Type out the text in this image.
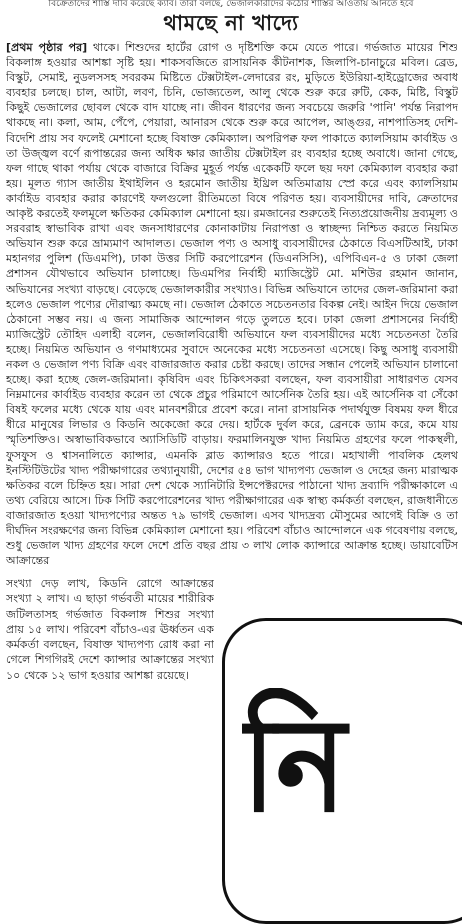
বিক্রেতাদের শাস্তি দাবি করেছে ক্যাব। তারা বলছে, ভেজালকারীদের কঠোর শাস্তির আওতায় আনতে হবে
থামছে না খাদ্যে

[প্রথম পৃষ্ঠার পর] থাকে। শিশুদের হার্টের রোগ ও দৃষ্টিশক্তি কমে যেতে পারে। গর্ভজাত মায়ের শিশু বিকলাঙ্গ হওয়ার আশঙ্কা সৃষ্টি হয়। শাকসবজিতে রাসায়নিক কীটনাশক, জিলাপি-চানাচুরে মবিল। ব্রেড, বিস্কুট, সেমাই, নুডলসসহ সবরকম মিষ্টিতে টেক্সটাইল-লেদারের রং, মুড়িতে ইউরিয়া-হাইড্রোজের অবাধ ব্যবহার চলছে। চাল, আটা, লবণ, চিনি, ভোজ্যতেল, আলু থেকে শুরু করে রুটি, কেক, মিষ্টি, বিস্কুট কিছুই ভেজালের ছোবল থেকে বাদ যাচ্ছে না। জীবন ধারণের জন্য সবচেয়ে জরুরি 'পানি' পর্যন্ত নিরাপদ থাকছে না। কলা, আম, পেঁপে, পেয়ারা, আনারস থেকে শুরু করে আপেল, আঙ্গুর, নাশপাতিসহ দেশি-বিদেশি প্রায় সব ফলেই মেশানো হচ্ছে বিষাক্ত কেমিক্যাল। অপরিপক্ব ফল পাকাতে ক্যালসিয়াম কার্বাইড ও তা উজ্জ্বল বর্ণে রূপান্তরের জন্য অধিক ক্ষার জাতীয় টেক্সটাইল রং ব্যবহার হচ্ছে অবাধে। জানা গেছে, ফল গাছে থাকা পর্যায় থেকে বাজারে বিক্রির মুহূর্ত পর্যন্ত একেকটি ফলে ছয় দফা কেমিক্যাল ব্যবহার করা হয়। মূলত গ্যাস জাতীয় ইথাইলিন ও হরমোন জাতীয় ইথ্রিল অতিমাত্রায় স্প্রে করে এবং ক্যালসিয়াম কার্বাইড ব্যবহার করার কারণেই ফলগুলো রীতিমতো বিষে পরিণত হয়। ব্যবসায়ীদের দাবি, ক্রেতাদের আকৃষ্ট করতেই ফলমূলে ক্ষতিকর কেমিক্যাল মেশানো হয়। রমজানের শুরুতেই নিত্যপ্রয়োজনীয় দ্রব্যমূল্য ও সরবরাহ স্বাভাবিক রাখা এবং জনসাধারণের কোনাকাটায় নিরাপত্তা ও স্বাচ্ছন্দ্য নিশ্চিত করতে নিয়মিত অভিযান শুরু করে ভ্রাম্যমাণ আদালত। ভেজাল পণ্য ও অসাধু ব্যবসায়ীদের ঠেকাতে বিএসটিআই, ঢাকা মহানগর পুলিশ (ডিএমপি), ঢাকা উত্তর সিটি করপোরেশন (ডিএনসিসি), এপিবিএন-৫ ও ঢাকা জেলা প্রশাসন যৌথভাবে অভিযান চালাচ্ছে। ডিএমপির নির্বাহী ম্যাজিস্ট্রেট মো. মশিউর রহমান জানান, অভিযানের সংখ্যা বাড়ছে। বেড়েছে ভেজালকারীর সংখ্যাও। বিভিন্ন অভিযানে তাদের জেল-জরিমানা করা হলেও ভেজাল পণ্যের দৌরাত্ম্য কমছে না। ভেজাল ঠেকাতে সচেতনতার বিকল্প নেই। আইন দিয়ে ভেজাল ঠেকানো সম্ভব নয়। এ জন্য সামাজিক আন্দোলন গড়ে তুলতে হবে। ঢাকা জেলা প্রশাসনের নির্বাহী ম্যাজিস্ট্রেট তৌহিদ এলাহী বলেন, ভেজালবিরোধী অভিযানে ফল ব্যবসায়ীদের মধ্যে সচেতনতা তৈরি হচ্ছে। নিয়মিত অভিযান ও গণমাধ্যমের সুবাদে অনেকের মধ্যে সচেতনতা এসেছে। কিছু অসাধু ব্যবসায়ী নকল ও ভেজাল পণ্য বিক্রি এবং বাজারজাত করার চেষ্টা করছে। তাদের সন্ধান পেলেই অভিযান চালানো হচ্ছে। করা হচ্ছে জেল-জরিমানা। কৃষিবিদ এবং চিকিৎসকরা বলছেন, ফল ব্যবসায়ীরা সাধারণত যেসব নিম্নমানের কার্বাইড ব্যবহার করেন তা থেকে প্রচুর পরিমাণে আর্সেনিক তৈরি হয়। এই আর্সেনিক বা সেঁকো বিষই ফলের মধ্যে থেকে যায় এবং মানবশরীরে প্রবেশ করে। নানা রাসায়নিক পদার্থযুক্ত বিষময় ফল ধীরে ধীরে মানুষের লিভার ও কিডনি অকেজো করে দেয়। হার্টকে দুর্বল করে, ব্রেনকে ড্যাম করে, কমে যায় স্মৃতিশক্তিও। অস্বাভাবিকভাবে অ্যাসিডিটি বাড়ায়। ফরমালিনযুক্ত খাদ্য নিয়মিত গ্রহণের ফলে পাকস্থলী, ফুসফুস ও শ্বাসনালিতে ক্যান্সার, এমনকি ব্লাড ক্যান্সারও হতে পারে। মহাখালী পাবলিক হেলথ ইনস্টিটিউটের খাদ্য পরীক্ষাগারের তথ্যানুযায়ী, দেশের ৫৪ ভাগ খাদ্যপণ্য ভেজাল ও দেহের জন্য মারাত্মক ক্ষতিকর বলে চিহ্নিত হয়। সারা দেশ থেকে স্যানিটারি ইন্সপেক্টরদের পাঠানো খাদ্য দ্রব্যাদি পরীক্ষাকালে এ তথ্য বেরিয়ে আসে। ঢিক সিটি করপোরেশনের খাদ্য পরীক্ষাগারের এক স্বাস্থ্য কর্মকর্তা বলছেন, রাজধানীতে বাজারজাত হওয়া খাদ্যপণ্যের অন্তত ৭৯ ভাগই ভেজাল। এসব খাদ্যদ্রব্য মৌসুমের আগেই বিক্রি ও তা দীর্ঘদিন সংরক্ষণের জন্য বিভিন্ন কেমিক্যাল মেশানো হয়। পরিবেশ বাঁচাও আন্দোলনে এক গবেষণায় বলছে, শুধু ভেজাল খাদ্য গ্রহণের ফলে দেশে প্রতি বছর প্রায় ৩ লাখ লোক ক্যান্সারে আক্রান্ত হচ্ছে। ডায়াবেটিস আক্রান্তের

সংখ্যা দেড় লাখ, কিডনি রোগে আক্রান্তের সংখ্যা ২ লাখ। এ ছাড়া গর্ভবতী মায়ের শারীরিক জটিলতাসহ গর্ভজাত বিকলাঙ্গ শিশুর সংখ্যা প্রায় ১৫ লাখ। পরিবেশ বাঁচাও-এর ঊর্ধ্বতন এক কর্মকর্তা বলছেন, বিষাক্ত খাদ্যপণ্য রোধ করা না গেলে শিগগিরই দেশে ক্যান্সার আক্রান্তের সংখ্যা ১০ থেকে ১২ ভাগ হওয়ার আশঙ্কা রয়েছে।

নি
